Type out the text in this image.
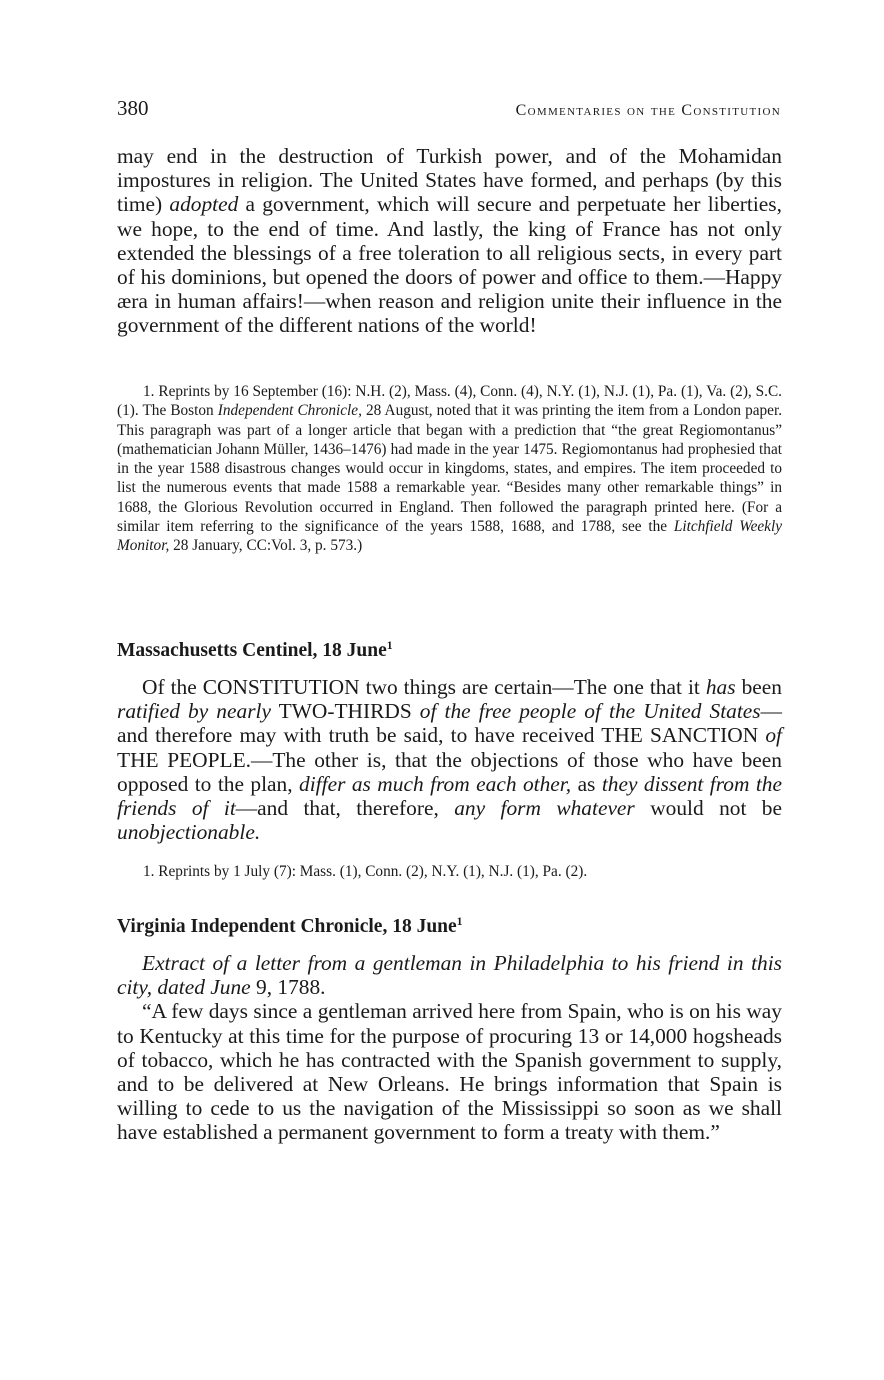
380	Commentaries on the Constitution

may end in the destruction of Turkish power, and of the Mohamidan impostures in religion. The United States have formed, and perhaps (by this time) adopted a government, which will secure and perpetuate her liberties, we hope, to the end of time. And lastly, the king of France has not only extended the blessings of a free toleration to all religious sects, in every part of his dominions, but opened the doors of power and office to them.—Happy æra in human affairs!—when reason and religion unite their influence in the government of the different nations of the world!

1. Reprints by 16 September (16): N.H. (2), Mass. (4), Conn. (4), N.Y. (1), N.J. (1), Pa. (1), Va. (2), S.C. (1). The Boston Independent Chronicle, 28 August, noted that it was printing the item from a London paper. This paragraph was part of a longer article that began with a prediction that “the great Regiomontanus” (mathematician Johann Müller, 1436–1476) had made in the year 1475. Regiomontanus had prophesied that in the year 1588 disastrous changes would occur in kingdoms, states, and empires. The item proceeded to list the numerous events that made 1588 a remarkable year. “Besides many other remarkable things” in 1688, the Glorious Revolution occurred in England. Then followed the paragraph printed here. (For a similar item referring to the significance of the years 1588, 1688, and 1788, see the Litchfield Weekly Monitor, 28 January, CC:Vol. 3, p. 573.)

Massachusetts Centinel, 18 June$^1$

Of the CONSTITUTION two things are certain—The one that it has been ratified by nearly TWO-THIRDS of the free people of the United States—and therefore may with truth be said, to have received THE SANCTION of THE PEOPLE.—The other is, that the objections of those who have been opposed to the plan, differ as much from each other, as they dissent from the friends of it—and that, therefore, any form whatever would not be unobjectionable.

1. Reprints by 1 July (7): Mass. (1), Conn. (2), N.Y. (1), N.J. (1), Pa. (2).

Virginia Independent Chronicle, 18 June$^1$

Extract of a letter from a gentleman in Philadelphia to his friend in this city, dated June 9, 1788.

“A few days since a gentleman arrived here from Spain, who is on his way to Kentucky at this time for the purpose of procuring 13 or 14,000 hogsheads of tobacco, which he has contracted with the Spanish government to supply, and to be delivered at New Orleans. He brings information that Spain is willing to cede to us the navigation of the Mississippi so soon as we shall have established a permanent government to form a treaty with them.”
